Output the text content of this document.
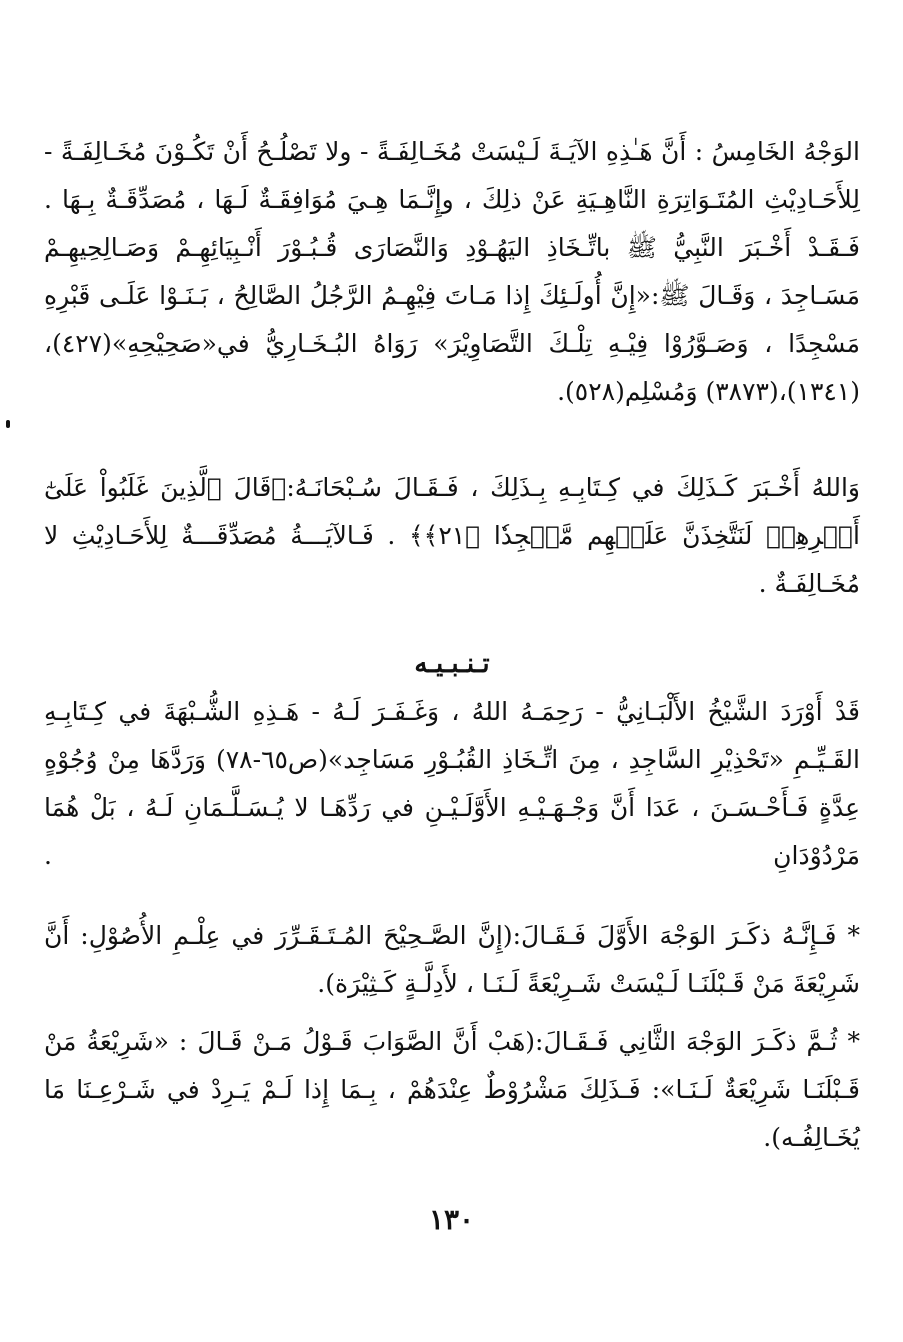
الوَجْهُ الخَامِسُ : أَنَّ هَـٰذِهِ الآيَـةَ لَـيْسَتْ مُخَـالِفَـةً - ولا تَصْلُـحُ أَنْ تَكُـوْنَ مُخَـالِفَـةً - لِلأَحَـادِيْثِ المُتَـوَاتِرَةِ النَّاهِـيَةِ عَنْ ذلِكَ ، وإِنَّـمَا هِـيَ مُوَافِقَـةٌ لَـهَا ، مُصَدِّقَـةٌ بِـهَا . فَـقَـدْ أَخْـبَرَ النَّبِيُّ ﷺ باتِّـخَاذِ اليَهُـوْدِ وَالنَّصَارَى قُـبُـوْرَ أَنْـبِيَائِهِـمْ وَصَـالِحِيهِـمْ مَسَـاجِدَ ، وَقَـالَ ﷺ:«إِنَّ أُولَـئِكَ إِذا مَـاتَ فِيْهِـمُ الرَّجُلُ الصَّالِحُ ، بَـنَـوْا عَلَـى قَبْرِهِ مَسْجِدًا ، وَصَـوَّرُوْا فِيْـهِ تِلْـكَ التَّصَاوِيْرَ» رَوَاهُ البُـخَـارِيُّ في«صَحِيْحِهِ»(٤٢٧)،(١٣٤١)،(٣٨٧٣) وَمُسْلِم(٥٢٨).
وَاللهُ أَخْـبَرَ كَـذَلِكَ في كِـتَابِـهِ بِـذَلِكَ ، فَـقَـالَ سُـبْحَانَـهُ:﴿قَالَ ٱلَّذِينَ غَلَبُواْ عَلَىٰٓ أَمۡرِهِمۡ لَنَتَّخِذَنَّ عَلَيۡهِم مَّسۡجِدٗا ﴿٢١﴾﴾ . فَـالآيَـــةُ مُصَدِّقَـــةٌ لِلأَحَـادِيْثِ لا مُخَـالِفَـةٌ .
تـنـبـيـه
قَدْ أَوْرَدَ الشَّيْخُ الأَلْبَـانِيُّ - رَحِمَـهُ اللهُ ، وَغَـفَـرَ لَـهُ - هَـذِهِ الشُّـبْهَةَ في كِـتَابِـهِ القَـيِّـمِ «تَحْذِيْرِ السَّاجِدِ ، مِنَ اتِّـخَاذِ القُبُـوْرِ مَسَاجِد»(ص٦٥-٧٨) وَرَدَّهَا مِنْ وُجُوْهٍ عِدَّةٍ فَـأَحْـسَـنَ ، عَدَا أَنَّ وَجْـهَـيْـهِ الأَوَّلَـيْـنِ في رَدِّهَـا لا يُـسَـلَّـمَانِ لَـهُ ، بَلْ هُمَا مَرْدُوْدَانِ .
* فَـإِنَّـهُ ذكَـرَ الوَجْهَ الأَوَّلَ فَـقَـالَ:(إِنَّ الصَّـحِيْحَ المُـتَـقَـرِّرَ في عِلْـمِ الأُصُوْلِ: أَنَّ شَرِيْعَةَ مَنْ قَـبْلَنَـا لَـيْسَتْ شَـرِيْعَةً لَـنَـا ، لأَدِلَّـةٍ كَـثِيْرَة).
* ثُـمَّ ذكَـرَ الوَجْهَ الثَّانِي فَـقَـالَ:(هَبْ أَنَّ الصَّوَابَ قَـوْلُ مَـنْ قَـالَ : «شَرِيْعَةُ مَنْ قَـبْلَنَـا شَرِيْعَةٌ لَـنَـا»: فَـذَلِكَ مَشْرُوْطٌ عِنْدَهُمْ ، بِـمَا إِذا لَـمْ يَـرِدْ في شَـرْعِـنَا مَا يُخَـالِفُـه).
١٣٠
